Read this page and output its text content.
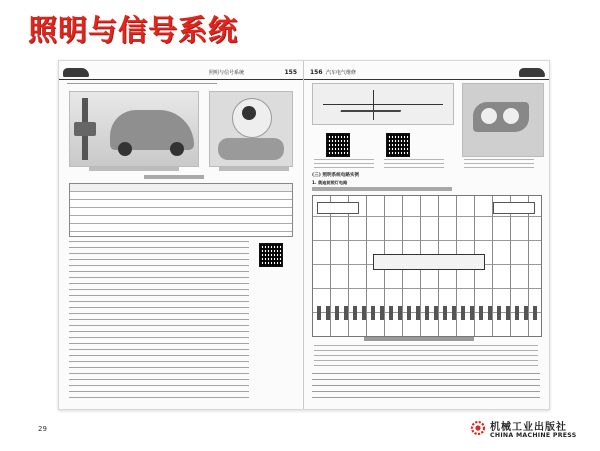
照明与信号系统
照明与信号系统	155 156 汽车电气维修
(三) 照明系统电路实例
1. 奥迪前照灯电路
29	机械工业出版社
CHINA MACHINE PRESS
